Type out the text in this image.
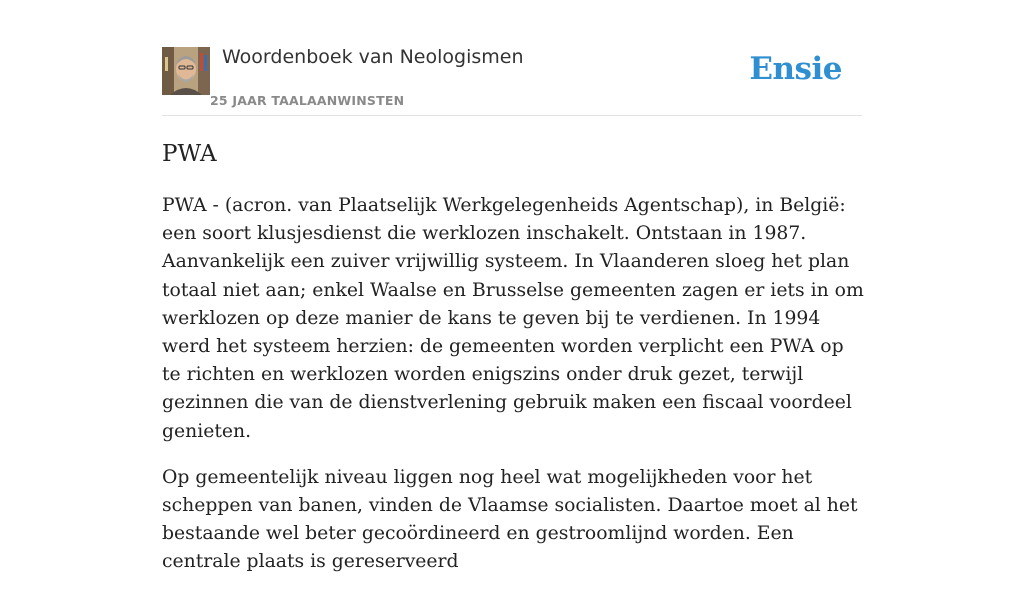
Woordenboek van Neologismen
25 JAAR TAALAANWINSTEN
Ensie
PWA

PWA - (acron. van Plaatselijk Werkgelegenheids Agentschap), in België: een soort klusjesdienst die werklozen inschakelt. Ontstaan in 1987. Aanvankelijk een zuiver vrijwillig systeem. In Vlaanderen sloeg het plan totaal niet aan; enkel Waalse en Brusselse gemeenten zagen er iets in om werklozen op deze manier de kans te geven bij te verdienen. In 1994 werd het systeem herzien: de gemeenten worden verplicht een PWA op te richten en werklozen worden enigszins onder druk gezet, terwijl gezinnen die van de dienstverlening gebruik maken een fiscaal voordeel genieten.

Op gemeentelijk niveau liggen nog heel wat mogelijkheden voor het scheppen van banen, vinden de Vlaamse socialisten. Daartoe moet al het bestaande wel beter gecoördineerd en gestroomlijnd worden. Een centrale plaats is gereserveerd
